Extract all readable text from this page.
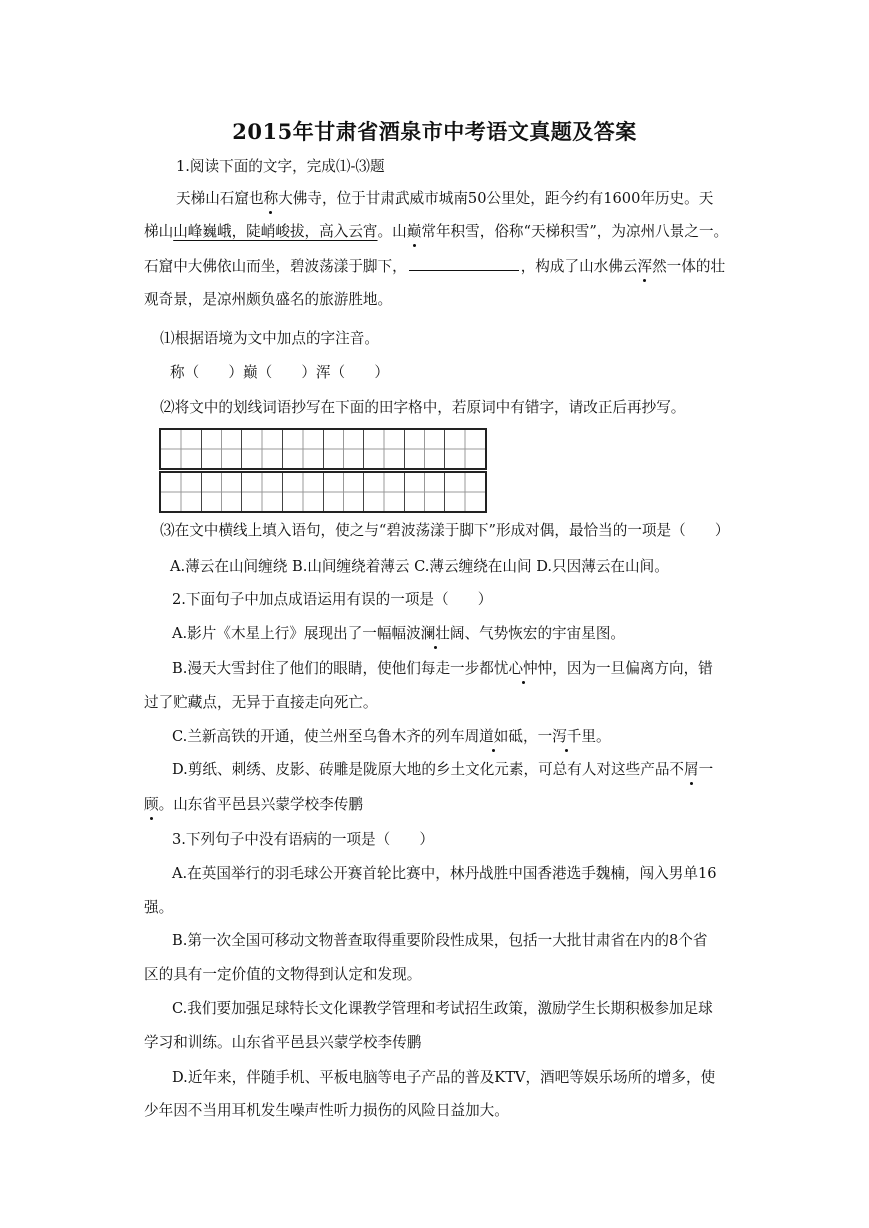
2015年甘肃省酒泉市中考语文真题及答案
1.阅读下面的文字，完成⑴-⑶题
天梯山石窟也称大佛寺，位于甘肃武威市城南50公里处，距今约有1600年历史。天
梯山山峰巍峨，陡峭峻拔，高入云宵。山巅常年积雪，俗称“天梯积雪”，为凉州八景之一。
石窟中大佛依山而坐，碧波荡漾于脚下，	，构成了山水佛云浑然一体的壮
观奇景，是凉州颇负盛名的旅游胜地。
⑴根据语境为文中加点的字注音。
称（　　）巅（　　）浑（　　）
⑵将文中的划线词语抄写在下面的田字格中，若原词中有错字，请改正后再抄写。
⑶在文中横线上填入语句，使之与“碧波荡漾于脚下”形成对偶，最恰当的一项是（　　）
A.薄云在山间缠绕 B.山间缠绕着薄云 C.薄云缠绕在山间 D.只因薄云在山间。
2.下面句子中加点成语运用有误的一项是（　　）
A.影片《木星上行》展现出了一幅幅波澜壮阔、气势恢宏的宇宙星图。
B.漫天大雪封住了他们的眼睛，使他们每走一步都忧心忡忡，因为一旦偏离方向，错
过了贮藏点，无异于直接走向死亡。
C.兰新高铁的开通，使兰州至乌鲁木齐的列车周道如砥，一泻千里。
D.剪纸、刺绣、皮影、砖雕是陇原大地的乡土文化元素，可总有人对这些产品不屑一
顾。山东省平邑县兴蒙学校李传鹏
3.下列句子中没有语病的一项是（　　）
A.在英国举行的羽毛球公开赛首轮比赛中，林丹战胜中国香港选手魏楠，闯入男单16
强。
B.第一次全国可移动文物普查取得重要阶段性成果，包括一大批甘肃省在内的8个省
区的具有一定价值的文物得到认定和发现。
C.我们要加强足球特长文化课教学管理和考试招生政策，激励学生长期积极参加足球
学习和训练。山东省平邑县兴蒙学校李传鹏
D.近年来，伴随手机、平板电脑等电子产品的普及KTV，酒吧等娱乐场所的增多，使
少年因不当用耳机发生噪声性听力损伤的风险日益加大。
